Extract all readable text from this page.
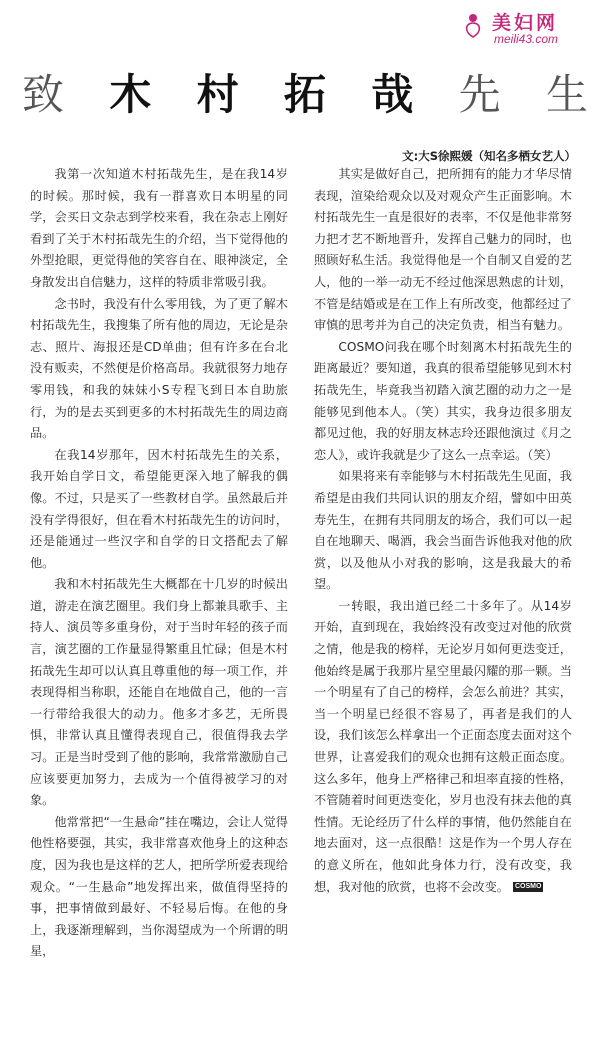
美妇网
meili43.com
致 木 村 拓 哉 先 生
文:大S徐熙媛（知名多栖女艺人）

我第一次知道木村拓哉先生，是在我14岁的时候。那时候，我有一群喜欢日本明星的同学，会买日文杂志到学校来看，我在杂志上刚好看到了关于木村拓哉先生的介绍，当下觉得他的外型抢眼，更觉得他的笑容自在、眼神淡定，全身散发出自信魅力，这样的特质非常吸引我。

念书时，我没有什么零用钱，为了更了解木村拓哉先生，我搜集了所有他的周边，无论是杂志、照片、海报还是CD单曲；但有许多在台北没有贩卖，不然便是价格高昂。我就很努力地存零用钱，和我的妹妹小S专程飞到日本自助旅行，为的是去买到更多的木村拓哉先生的周边商品。

在我14岁那年，因木村拓哉先生的关系，我开始自学日文，希望能更深入地了解我的偶像。不过，只是买了一些教材自学。虽然最后并没有学得很好，但在看木村拓哉先生的访问时，还是能通过一些汉字和自学的日文搭配去了解他。

我和木村拓哉先生大概都在十几岁的时候出道，游走在演艺圈里。我们身上都兼具歌手、主持人、演员等多重身份，对于当时年轻的孩子而言，演艺圈的工作量显得繁重且忙碌；但是木村拓哉先生却可以认真且尊重他的每一项工作，并表现得相当称职，还能自在地做自己，他的一言一行带给我很大的动力。他多才多艺，无所畏惧，非常认真且懂得表现自己，很值得我去学习。正是当时受到了他的影响，我常常激励自己应该要更加努力，去成为一个值得被学习的对象。

他常常把“一生悬命”挂在嘴边，会让人觉得他性格要强，其实，我非常喜欢他身上的这种态度，因为我也是这样的艺人，把所学所爱表现给观众。“一生悬命”地发挥出来，做值得坚持的事，把事情做到最好、不轻易后悔。在他的身上，我逐渐理解到，当你渴望成为一个所谓的明星，

其实是做好自己，把所拥有的能力才华尽情表现，渲染给观众以及对观众产生正面影响。木村拓哉先生一直是很好的表率，不仅是他非常努力把才艺不断地晋升，发挥自己魅力的同时，也照顾好私生活。我觉得他是一个自制又自爱的艺人，他的一举一动无不经过他深思熟虑的计划，不管是结婚或是在工作上有所改变，他都经过了审慎的思考并为自己的决定负责，相当有魅力。

COSMO问我在哪个时刻离木村拓哉先生的距离最近？要知道，我真的很希望能够见到木村拓哉先生，毕竟我当初踏入演艺圈的动力之一是能够见到他本人。（笑）其实，我身边很多朋友都见过他，我的好朋友林志玲还跟他演过《月之恋人》，或许我就是少了这么一点幸运。（笑）

如果将来有幸能够与木村拓哉先生见面，我希望是由我们共同认识的朋友介绍，譬如中田英寿先生，在拥有共同朋友的场合，我们可以一起自在地聊天、喝酒，我会当面告诉他我对他的欣赏，以及他从小对我的影响，这是我最大的希望。

一转眼，我出道已经二十多年了。从14岁开始，直到现在，我始终没有改变过对他的欣赏之情，他是我的榜样，无论岁月如何更迭变迁，他始终是属于我那片星空里最闪耀的那一颗。当一个明星有了自己的榜样，会怎么前进？其实，当一个明星已经很不容易了，再者是我们的人设，我们该怎么样拿出一个正面态度去面对这个世界，让喜爱我们的观众也拥有这般正面态度。这么多年，他身上严格律己和坦率直接的性格，不管随着时间更迭变化，岁月也没有抹去他的真性情。无论经历了什么样的事情，他仍然能自在地去面对，这一点很酷！这是作为一个男人存在的意义所在，他如此身体力行，没有改变，我想，我对他的欣赏，也将不会改变。 COSMO
